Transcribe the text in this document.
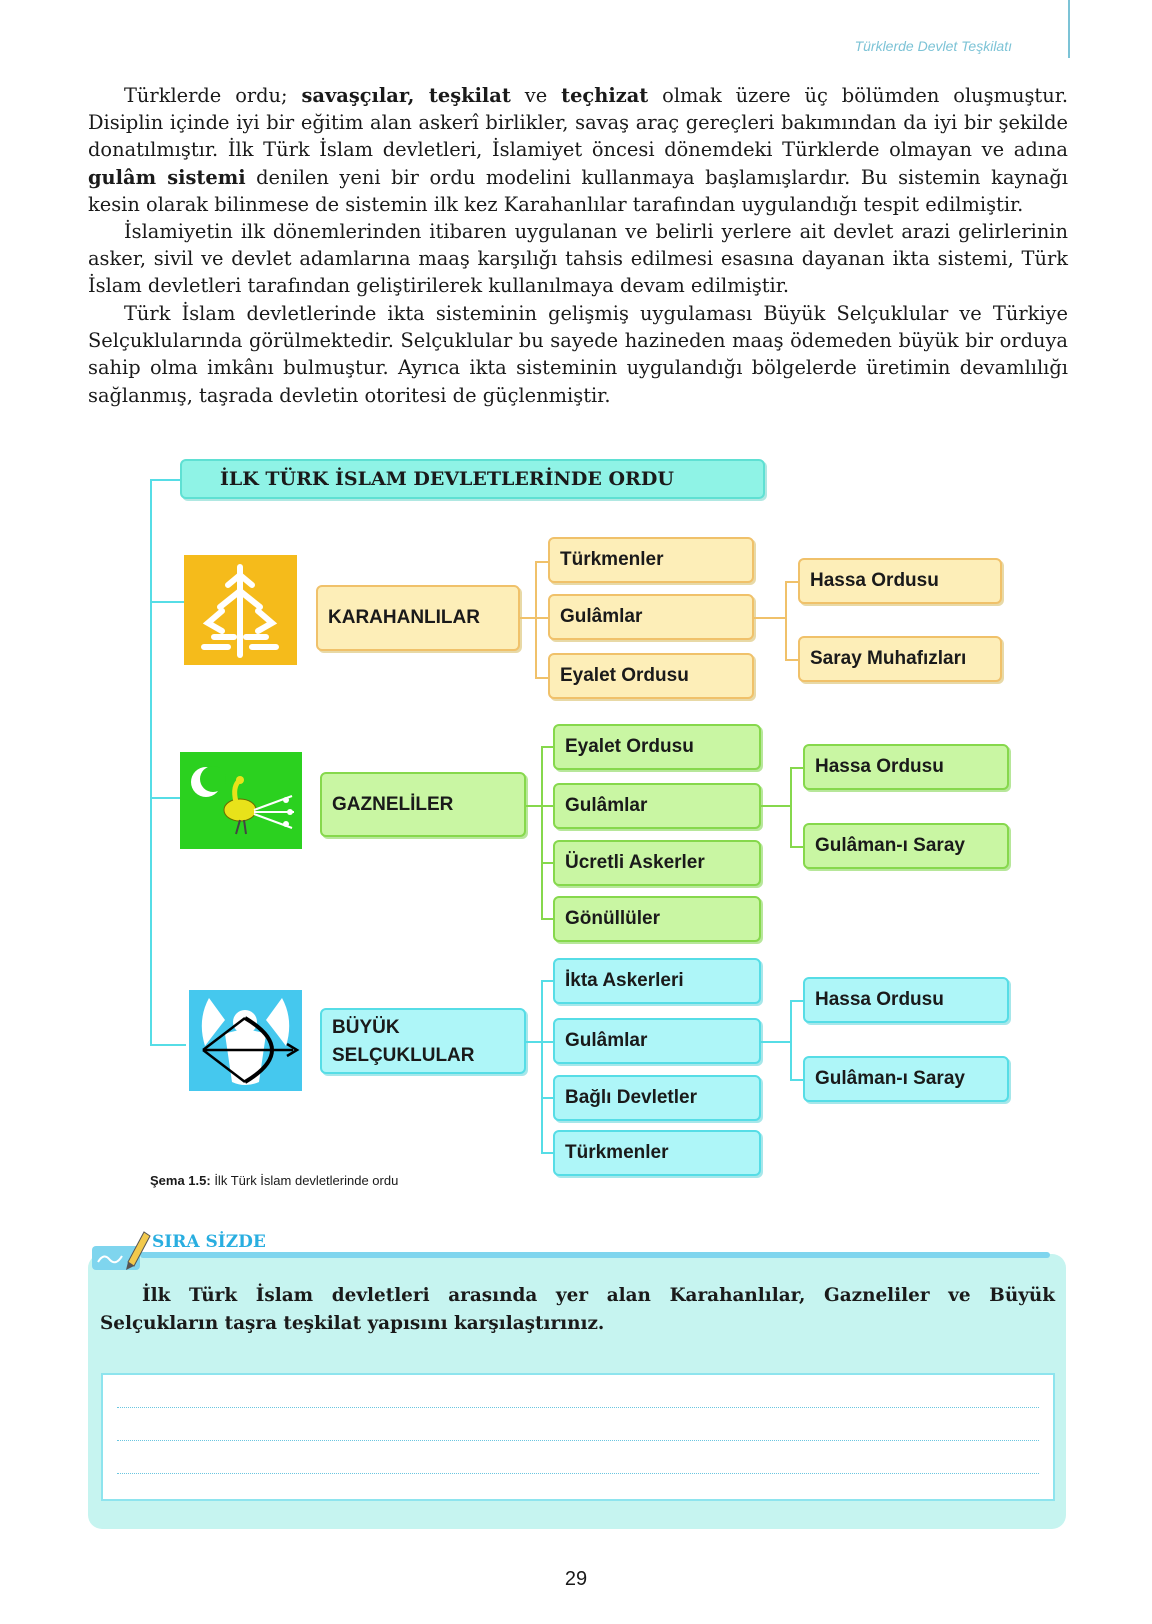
Türklerde Devlet Teşkilatı
Türklerde ordu; savaşçılar, teşkilat ve teçhizat olmak üzere üç bölümden oluşmuştur. Disiplin içinde iyi bir eğitim alan askerî birlikler, savaş araç gereçleri bakımından da iyi bir şekilde donatılmıştır. İlk Türk İslam devletleri, İslamiyet öncesi dönemdeki Türklerde olmayan ve adına gulâm sistemi denilen yeni bir ordu modelini kullanmaya başlamışlardır. Bu sistemin kaynağı kesin olarak bilinmese de sistemin ilk kez Karahanlılar tarafından uygulandığı tespit edilmiştir.
İslamiyetin ilk dönemlerinden itibaren uygulanan ve belirli yerlere ait devlet arazi gelirlerinin asker, sivil ve devlet adamlarına maaş karşılığı tahsis edilmesi esasına dayanan ikta sistemi, Türk İslam devletleri tarafından geliştirilerek kullanılmaya devam edilmiştir.
Türk İslam devletlerinde ikta sisteminin gelişmiş uygulaması Büyük Selçuklular ve Türkiye Selçuklularında görülmektedir. Selçuklular bu sayede hazineden maaş ödemeden büyük bir orduya sahip olma imkânı bulmuştur. Ayrıca ikta sisteminin uygulandığı bölgelerde üretimin devamlılığı sağlanmış, taşrada devletin otoritesi de güçlenmiştir.
İLK TÜRK İSLAM DEVLETLERİNDE ORDU
KARAHANLILAR
Türkmenler
Gulâmlar
Eyalet Ordusu
Hassa Ordusu
Saray Muhafızları
GAZNELİLER
Eyalet Ordusu
Gulâmlar
Ücretli Askerler
Gönüllüler
Hassa Ordusu
Gulâman-ı Saray
BÜYÜK
SELÇUKLULAR
İkta Askerleri
Gulâmlar
Bağlı Devletler
Türkmenler
Hassa Ordusu
Gulâman-ı Saray
Şema 1.5: İlk Türk İslam devletlerinde ordu
SIRA SİZDE
İlk Türk İslam devletleri arasında yer alan Karahanlılar, Gazneliler ve Büyük Selçukların taşra teşkilat yapısını karşılaştırınız.
29
